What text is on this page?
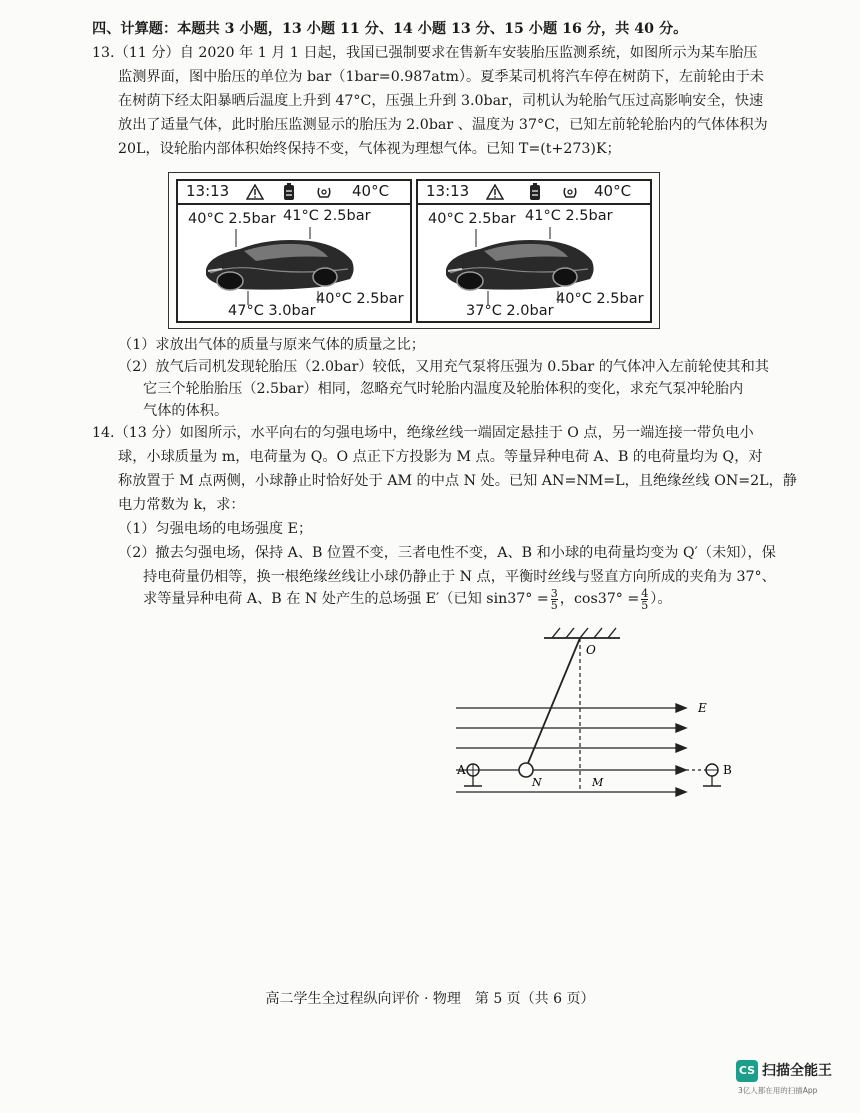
四、计算题：本题共 3 小题，13 小题 11 分、14 小题 13 分、15 小题 16 分，共 40 分。
13.（11 分）自 2020 年 1 月 1 日起，我国已强制要求在售新车安装胎压监测系统，如图所示为某车胎压
监测界面，图中胎压的单位为 bar（1bar=0.987atm）。夏季某司机将汽车停在树荫下，左前轮由于未
在树荫下经太阳暴晒后温度上升到 47°C，压强上升到 3.0bar，司机认为轮胎气压过高影响安全，快速
放出了适量气体，此时胎压监测显示的胎压为 2.0bar 、温度为 37°C，已知左前轮轮胎内的气体体积为
20L，设轮胎内部体积始终保持不变，气体视为理想气体。已知 T=(t+273)K；
13:13	40°C
40°C 2.5bar 41°C 2.5bar
40°C 2.5bar
47°C 3.0bar
13:13	40°C
40°C 2.5bar 41°C 2.5bar
40°C 2.5bar
37°C 2.0bar
（1）求放出气体的质量与原来气体的质量之比；
（2）放气后司机发现轮胎压（2.0bar）较低，又用充气泵将压强为 0.5bar 的气体冲入左前轮使其和其
它三个轮胎胎压（2.5bar）相同，忽略充气时轮胎内温度及轮胎体积的变化，求充气泵冲轮胎内
气体的体积。
14.（13 分）如图所示，水平向右的匀强电场中，绝缘丝线一端固定悬挂于 O 点，另一端连接一带负电小
球，小球质量为 m，电荷量为 Q。O 点正下方投影为 M 点。等量异种电荷 A、B 的电荷量均为 Q，对
称放置于 M 点两侧，小球静止时恰好处于 AM 的中点 N 处。已知 AN=NM=L，且绝缘丝线 ON=2L，静
电力常数为 k，求：
（1）匀强电场的电场强度 E；
（2）撤去匀强电场，保持 A、B 位置不变，三者电性不变，A、B 和小球的电荷量均变为 Q′（未知），保
持电荷量仍相等，换一根绝缘丝线让小球仍静止于 N 点，平衡时丝线与竖直方向所成的夹角为 37°、
求等量异种电荷 A、B 在 N 处产生的总场强 E′（已知 $\sin 37^\circ = \frac{3}{5}$ ，$\cos 37^\circ = \frac{4}{5}$ ）。
O
E
A	B
N	M
高二学生全过程纵向评价 · 物理　第 5 页（共 6 页）
CS 扫描全能王
3亿人都在用的扫描App
